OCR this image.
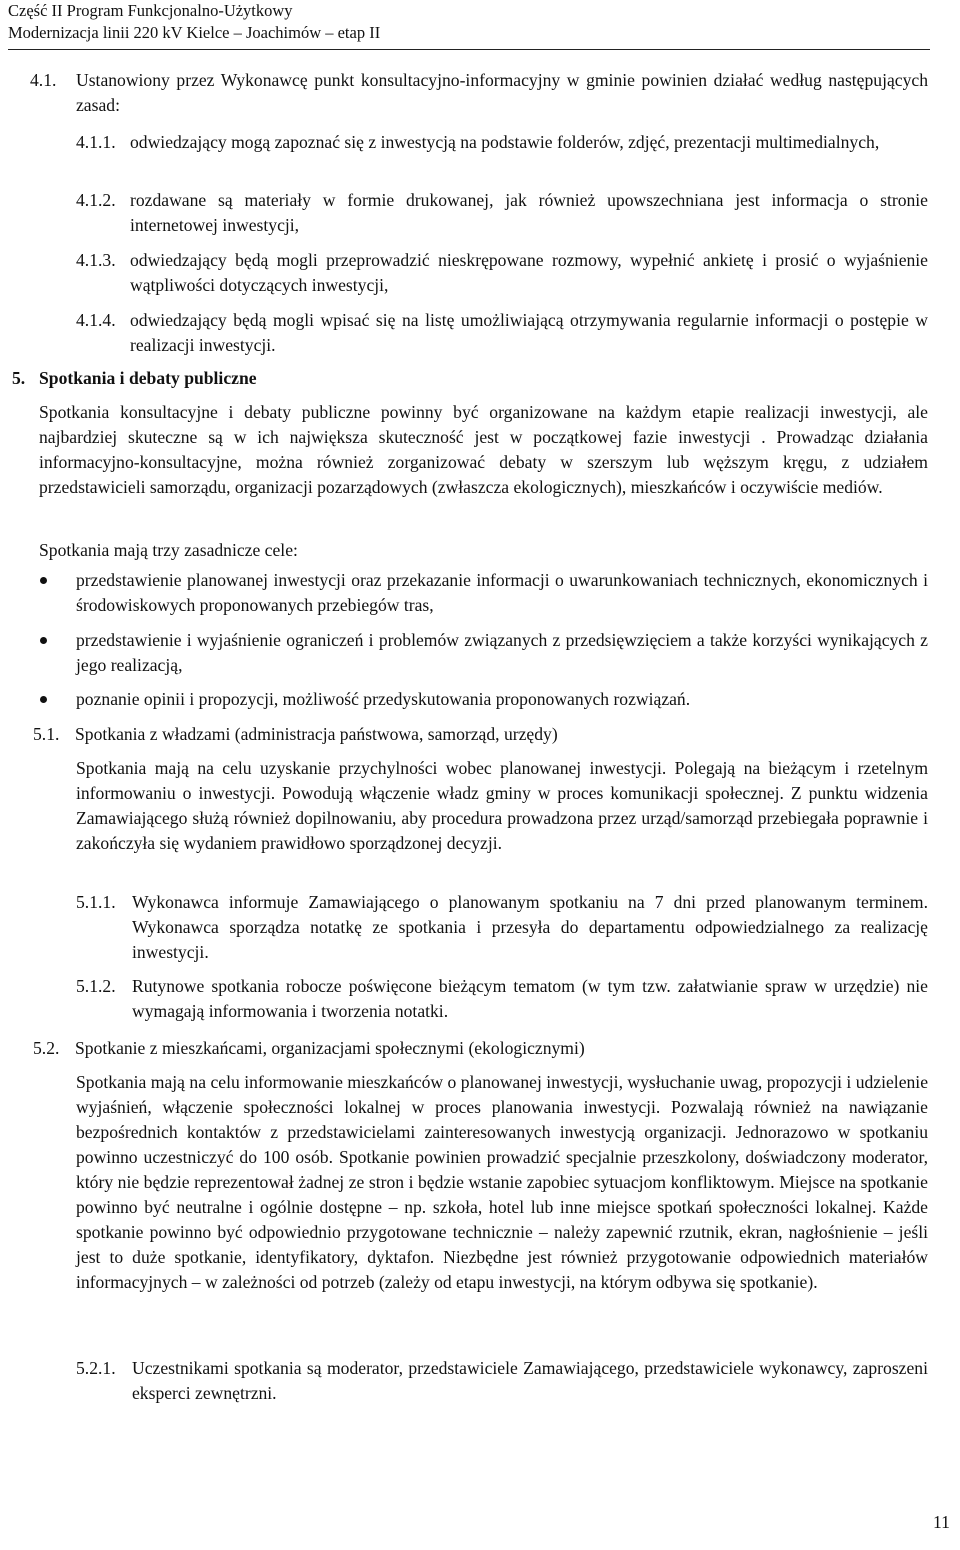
Część II Program Funkcjonalno-Użytkowy
Modernizacja linii 220 kV Kielce – Joachimów – etap II
4.1.	Ustanowiony przez Wykonawcę punkt konsultacyjno-informacyjny w gminie powinien działać według następujących zasad:
4.1.1. odwiedzający mogą zapoznać się z inwestycją na podstawie folderów, zdjęć, prezentacji multimedialnych,
4.1.2. rozdawane są materiały w formie drukowanej, jak również upowszechniana jest informacja o stronie internetowej inwestycji,
4.1.3. odwiedzający będą mogli przeprowadzić nieskrępowane rozmowy, wypełnić ankietę i prosić o wyjaśnienie wątpliwości dotyczących inwestycji,
4.1.4. odwiedzający będą mogli wpisać się na listę umożliwiającą otrzymywania regularnie informacji o postępie w realizacji inwestycji.
5. Spotkania i debaty publiczne
Spotkania konsultacyjne i debaty publiczne powinny być organizowane na każdym etapie realizacji inwestycji, ale najbardziej skuteczne są w ich największa skuteczność jest w początkowej fazie inwestycji . Prowadząc działania informacyjno-konsultacyjne, można również zorganizować debaty w szerszym lub węższym kręgu, z udziałem przedstawicieli samorządu, organizacji pozarządowych (zwłaszcza ekologicznych), mieszkańców i oczywiście mediów.
Spotkania mają trzy zasadnicze cele:
przedstawienie planowanej inwestycji oraz przekazanie informacji o uwarunkowaniach technicznych, ekonomicznych i środowiskowych proponowanych przebiegów tras,
przedstawienie i wyjaśnienie ograniczeń i problemów związanych z przedsięwzięciem a także korzyści wynikających z jego realizacją,
poznanie opinii i propozycji, możliwość przedyskutowania proponowanych rozwiązań.
5.1. Spotkania z władzami (administracja państwowa, samorząd, urzędy)
Spotkania mają na celu uzyskanie przychylności wobec planowanej inwestycji. Polegają na bieżącym i rzetelnym informowaniu o inwestycji. Powodują włączenie władz gminy w proces komunikacji społecznej. Z punktu widzenia Zamawiającego służą również dopilnowaniu, aby procedura prowadzona przez urząd/samorząd przebiegała poprawnie i zakończyła się wydaniem prawidłowo sporządzonej decyzji.
5.1.1. Wykonawca informuje Zamawiającego o planowanym spotkaniu na 7 dni przed planowanym terminem. Wykonawca sporządza notatkę ze spotkania i przesyła do departamentu odpowiedzialnego za realizację inwestycji.
5.1.2. Rutynowe spotkania robocze poświęcone bieżącym tematom (w tym tzw. załatwianie spraw w urzędzie) nie wymagają informowania i tworzenia notatki.
5.2. Spotkanie z mieszkańcami, organizacjami społecznymi (ekologicznymi)
Spotkania mają na celu informowanie mieszkańców o planowanej inwestycji, wysłuchanie uwag, propozycji i udzielenie wyjaśnień, włączenie społeczności lokalnej w proces planowania inwestycji. Pozwalają również na nawiązanie bezpośrednich kontaktów z przedstawicielami zainteresowanych inwestycją organizacji. Jednorazowo w spotkaniu powinno uczestniczyć do 100 osób. Spotkanie powinien prowadzić specjalnie przeszkolony, doświadczony moderator, który nie będzie reprezentował żadnej ze stron i będzie wstanie zapobiec sytuacjom konfliktowym. Miejsce na spotkanie powinno być neutralne i ogólnie dostępne – np. szkoła, hotel lub inne miejsce spotkań społeczności lokalnej. Każde spotkanie powinno być odpowiednio przygotowane technicznie – należy zapewnić rzutnik, ekran, nagłośnienie – jeśli jest to duże spotkanie, identyfikatory, dyktafon. Niezbędne jest również przygotowanie odpowiednich materiałów informacyjnych – w zależności od potrzeb (zależy od etapu inwestycji, na którym odbywa się spotkanie).
5.2.1. Uczestnikami spotkania są moderator, przedstawiciele Zamawiającego, przedstawiciele wykonawcy, zaproszeni eksperci zewnętrzni.
11
